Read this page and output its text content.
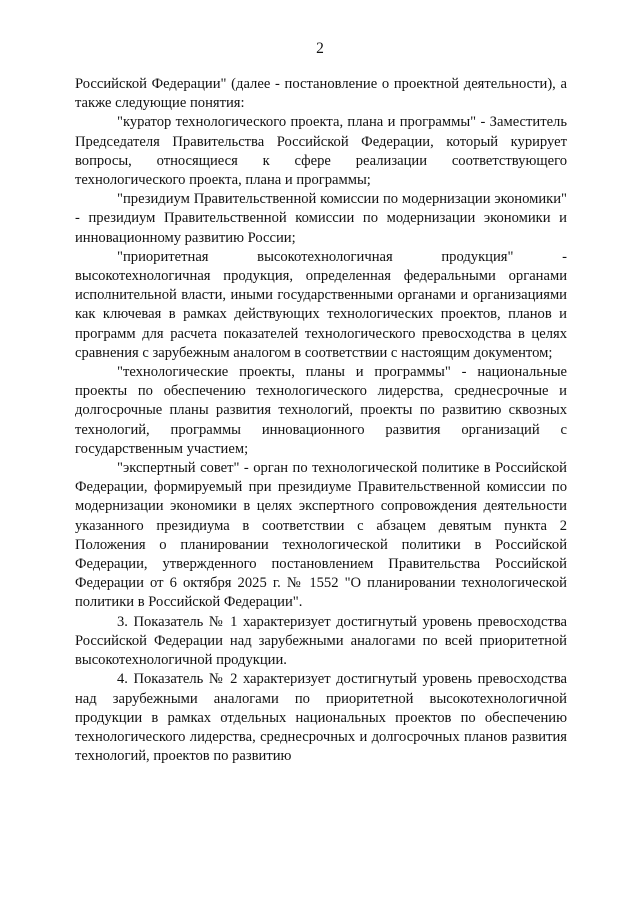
2

Российской Федерации" (далее - постановление о проектной деятельности), а также следующие понятия:

"куратор технологического проекта, плана и программы" - Заместитель Председателя Правительства Российской Федерации, который курирует вопросы, относящиеся к сфере реализации соответствующего технологического проекта, плана и программы;

"президиум Правительственной комиссии по модернизации экономики" - президиум Правительственной комиссии по модернизации экономики и инновационному развитию России;

"приоритетная высокотехнологичная продукция" - высокотехнологичная продукция, определенная федеральными органами исполнительной власти, иными государственными органами и организациями как ключевая в рамках действующих технологических проектов, планов и программ для расчета показателей технологического превосходства в целях сравнения с зарубежным аналогом в соответствии с настоящим документом;

"технологические проекты, планы и программы" - национальные проекты по обеспечению технологического лидерства, среднесрочные и долгосрочные планы развития технологий, проекты по развитию сквозных технологий, программы инновационного развития организаций с государственным участием;

"экспертный совет" - орган по технологической политике в Российской Федерации, формируемый при президиуме Правительственной комиссии по модернизации экономики в целях экспертного сопровождения деятельности указанного президиума в соответствии с абзацем девятым пункта 2 Положения о планировании технологической политики в Российской Федерации, утвержденного постановлением Правительства Российской Федерации от 6 октября 2025 г. № 1552 "О планировании технологической политики в Российской Федерации".

3. Показатель № 1 характеризует достигнутый уровень превосходства Российской Федерации над зарубежными аналогами по всей приоритетной высокотехнологичной продукции.

4. Показатель № 2 характеризует достигнутый уровень превосходства над зарубежными аналогами по приоритетной высокотехнологичной продукции в рамках отдельных национальных проектов по обеспечению технологического лидерства, среднесрочных и долгосрочных планов развития технологий, проектов по развитию
